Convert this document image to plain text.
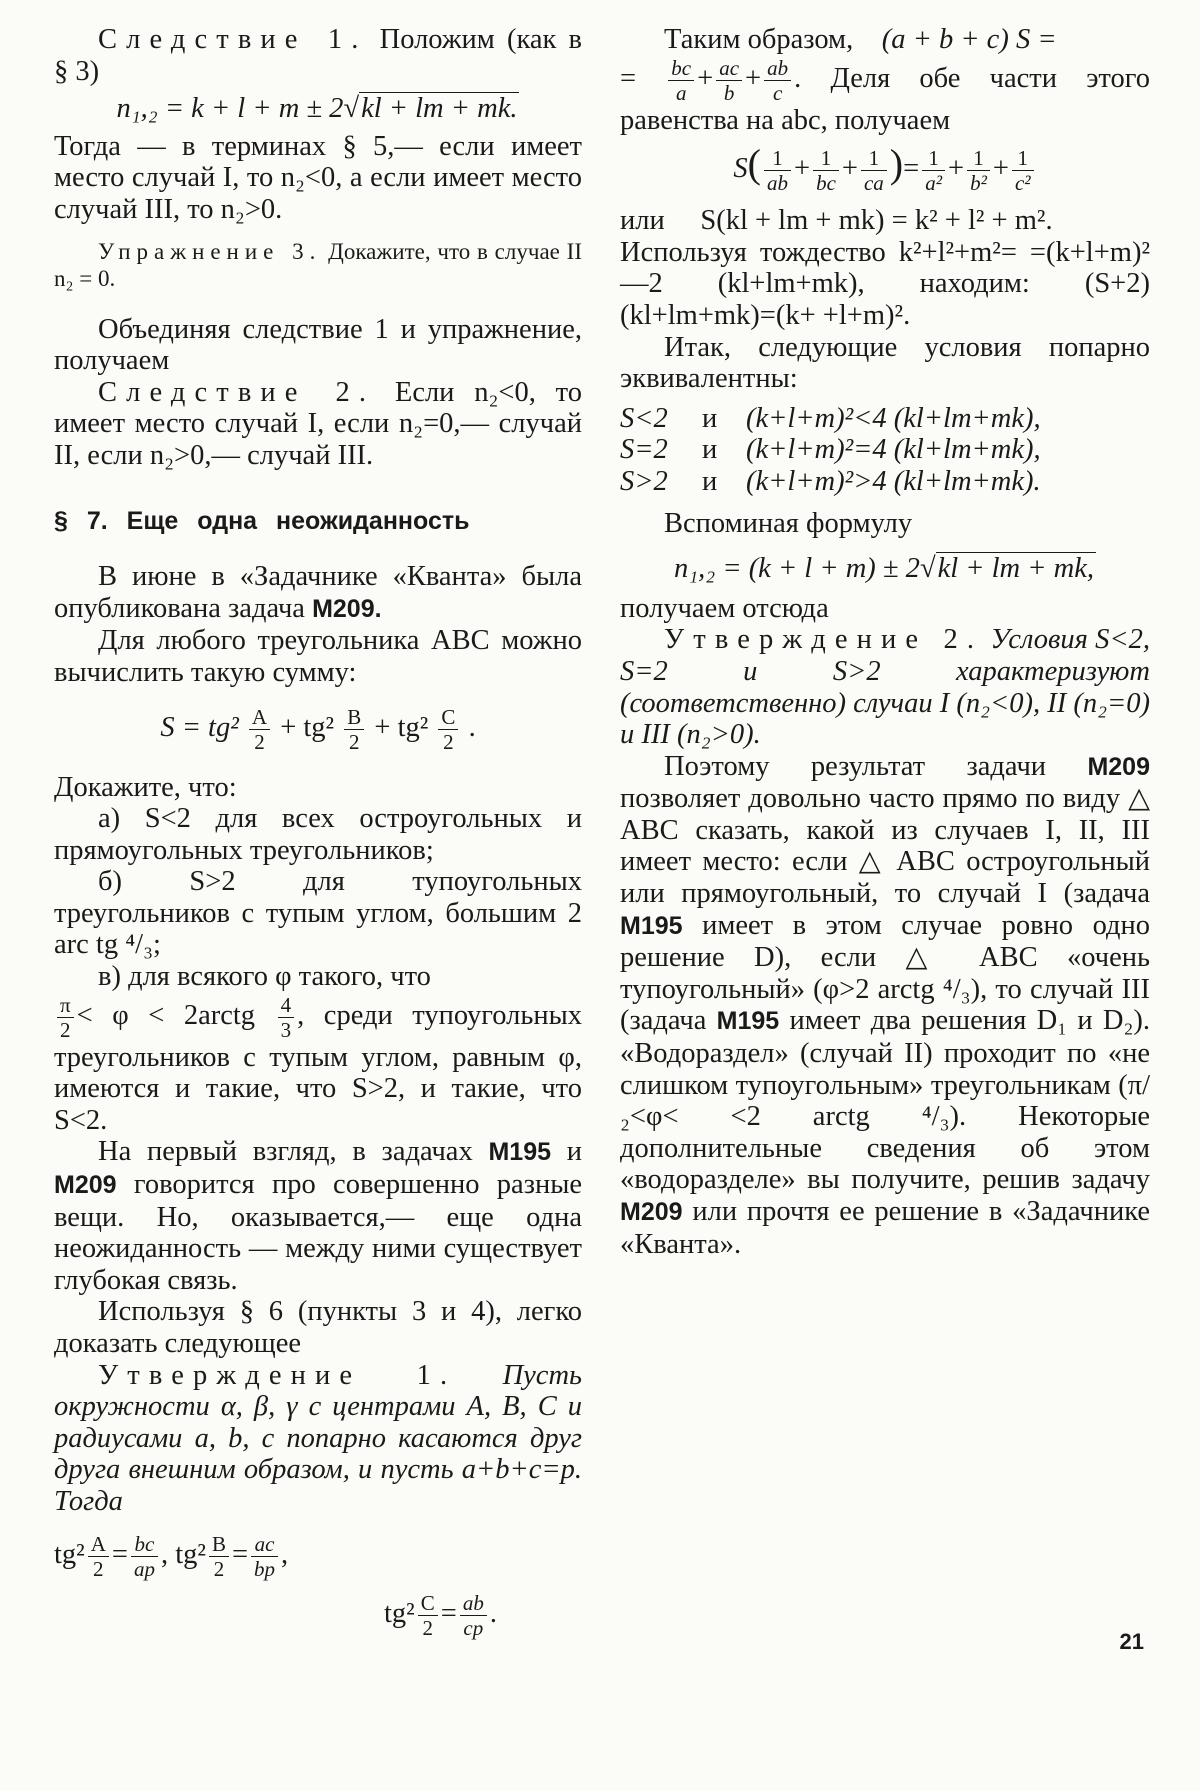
Следствие 1. Положим (как в § 3)

n₁,₂ = k + l + m ± 2√kl + lm + mk.

Тогда — в терминах § 5,— если имеет место случай I, то n₂<0, а если имеет место случай III, то n₂>0.

Упражнение 3. Докажите, что в случае II n₂ = 0.

Объединяя следствие 1 и упражнение, получаем

Следствие 2. Если n₂<0, то имеет место случай I, если n₂=0,— случай II, если n₂>0,— случай III.

§ 7. Еще одна неожиданность

В июне в «Задачнике «Кванта» была опубликована задача М209.

Для любого треугольника ABC можно вычислить такую сумму:

$S = tg^2 \frac{A}{2} + tg^2 \frac{B}{2} + tg^2 \frac{C}{2}$ .

Докажите, что:

а) S<2 для всех остроугольных и прямоугольных треугольников;

б) S>2 для тупоугольных треугольников с тупым углом, большим 2 arc tg ⁴/₃;

в) для всякого φ такого, что

$\frac{\pi}{2} < \varphi$ < 2arctg $\frac{4}{3}$ , среди тупоугольных треугольников с тупым углом, равным φ, имеются и такие, что S>2, и такие, что S<2.

На первый взгляд, в задачах М195 и М209 говорится про совершенно разные вещи. Но, оказывается,— еще одна неожиданность — между ними существует глубокая связь.

Используя § 6 (пункты 3 и 4), легко доказать следующее

Утверждение 1. Пусть окружности α, β, γ с центрами A, B, C и радиусами a, b, c попарно касаются друг друга внешним образом, и пусть a+b+c=p. Тогда

$tg^2 \frac{A}{2} = \frac{bc}{ap}$ , $tg^2 \frac{B}{2} = \frac{ac}{bp}$ ,

$tg^2 \frac{C}{2} = \frac{ab}{cp}$ .

Таким образом, (a + b + c) S =

= $\frac{bc}{a} + \frac{ac}{b} + \frac{ab}{c}$ . Деля обе части этого равенства на abc, получаем

$S( \frac{1}{ab} + \frac{1}{bc} + \frac{1}{ca}$ )= $\frac{1}{\text{a²}} + \frac{1}{\text{b²}} + \frac{1}{\text{c²}}$

или     S(kl + lm + mk) = k² + l² + m².

Используя тождество k²+l²+m²= =(k+l+m)²—2 (kl+lm+mk), находим: (S+2) (kl+lm+mk)=(k+ +l+m)².

Итак, следующие условия попарно эквивалентны:

S<2	и	(k+l+m)²<4 (kl+lm+mk),
S=2	и	(k+l+m)²=4 (kl+lm+mk),
S>2	и	(k+l+m)²>4 (kl+lm+mk).

Вспоминая формулу

n₁,₂ = (k + l + m) ± 2√kl + lm + mk,

получаем отсюда

Утверждение 2. Условия S<2, S=2 и S>2 характеризуют (соответственно) случаи I (n₂<0), II (n₂=0) и III (n₂>0).

Поэтому результат задачи М209 позволяет довольно часто прямо по виду △ ABC сказать, какой из случаев I, II, III имеет место: если △ ABC остроугольный или прямоугольный, то случай I (задача М195 имеет в этом случае ровно одно решение D), если △ ABC «очень тупоугольный» (φ>2 arctg ⁴/₃), то случай III (задача М195 имеет два решения D₁ и D₂). «Водораздел» (случай II) проходит по «не слишком тупоугольным» треугольникам (π/₂<φ< <2 arctg ⁴/₃). Некоторые дополнительные сведения об этом «водоразделе» вы получите, решив задачу М209 или прочтя ее решение в «Задачнике «Кванта».

21
